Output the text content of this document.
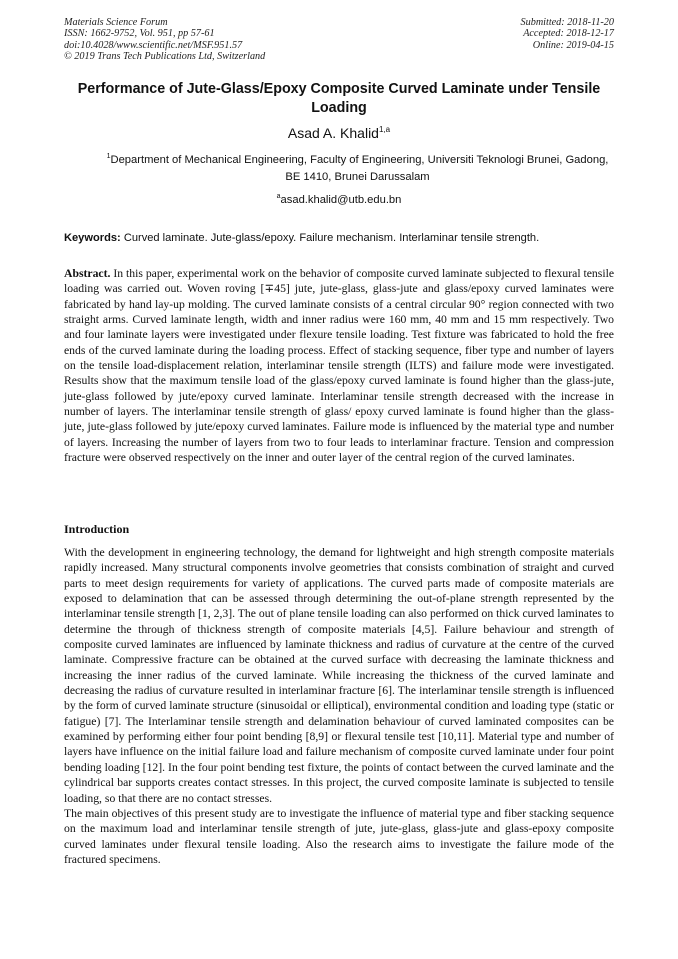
Materials Science Forum
ISSN: 1662-9752, Vol. 951, pp 57-61
doi:10.4028/www.scientific.net/MSF.951.57
© 2019 Trans Tech Publications Ltd, Switzerland
Submitted: 2018-11-20
Accepted: 2018-12-17
Online: 2019-04-15
Performance of Jute-Glass/Epoxy Composite Curved Laminate under Tensile Loading
Asad A. Khalid$^{1,a}$
$^1$Department of Mechanical Engineering, Faculty of Engineering, Universiti Teknologi Brunei, Gadong, BE 1410, Brunei Darussalam
$^a$asad.khalid@utb.edu.bn
Keywords: Curved laminate. Jute-glass/epoxy. Failure mechanism. Interlaminar tensile strength.
Abstract. In this paper, experimental work on the behavior of composite curved laminate subjected to flexural tensile loading was carried out. Woven roving [∓45] jute, jute-glass, glass-jute and glass/epoxy curved laminates were fabricated by hand lay-up molding. The curved laminate consists of a central circular 90° region connected with two straight arms. Curved laminate length, width and inner radius were 160 mm, 40 mm and 15 mm respectively. Two and four laminate layers were investigated under flexure tensile loading. Test fixture was fabricated to hold the free ends of the curved laminate during the loading process. Effect of stacking sequence, fiber type and number of layers on the tensile load-displacement relation, interlaminar tensile strength (ILTS) and failure mode were investigated. Results show that the maximum tensile load of the glass/epoxy curved laminate is found higher than the glass-jute, jute-glass followed by jute/epoxy curved laminate. Interlaminar tensile strength decreased with the increase in number of layers. The interlaminar tensile strength of glass/ epoxy curved laminate is found higher than the glass-jute, jute-glass followed by jute/epoxy curved laminates. Failure mode is influenced by the material type and number of layers. Increasing the number of layers from two to four leads to interlaminar fracture. Tension and compression fracture were observed respectively on the inner and outer layer of the central region of the curved laminates.
Introduction

With the development in engineering technology, the demand for lightweight and high strength composite materials rapidly increased. Many structural components involve geometries that consists combination of straight and curved parts to meet design requirements for variety of applications. The curved parts made of composite materials are exposed to delamination that can be assessed through determining the out-of-plane strength represented by the interlaminar tensile strength [1, 2,3]. The out of plane tensile loading can also performed on thick curved laminates to determine the through of thickness strength of composite materials [4,5]. Failure behaviour and strength of composite curved laminates are influenced by laminate thickness and radius of curvature at the centre of the curved laminate. Compressive fracture can be obtained at the curved surface with decreasing the laminate thickness and increasing the inner radius of the curved laminate. While increasing the thickness of the curved laminate and decreasing the radius of curvature resulted in interlaminar fracture [6]. The interlaminar tensile strength is influenced by the form of curved laminate structure (sinusoidal or elliptical), environmental condition and loading type (static or fatigue) [7]. The Interlaminar tensile strength and delamination behaviour of curved laminated composites can be examined by performing either four point bending [8,9] or flexural tensile test [10,11]. Material type and number of layers have influence on the initial failure load and failure mechanism of composite curved laminate under four point bending loading [12]. In the four point bending test fixture, the points of contact between the curved laminate and the cylindrical bar supports creates contact stresses. In this project, the curved composite laminate is subjected to tensile loading, so that there are no contact stresses.

The main objectives of this present study are to investigate the influence of material type and fiber stacking sequence on the maximum load and interlaminar tensile strength of jute, jute-glass, glass-jute and glass-epoxy composite curved laminates under flexural tensile loading. Also the research aims to investigate the failure mode of the fractured specimens.
